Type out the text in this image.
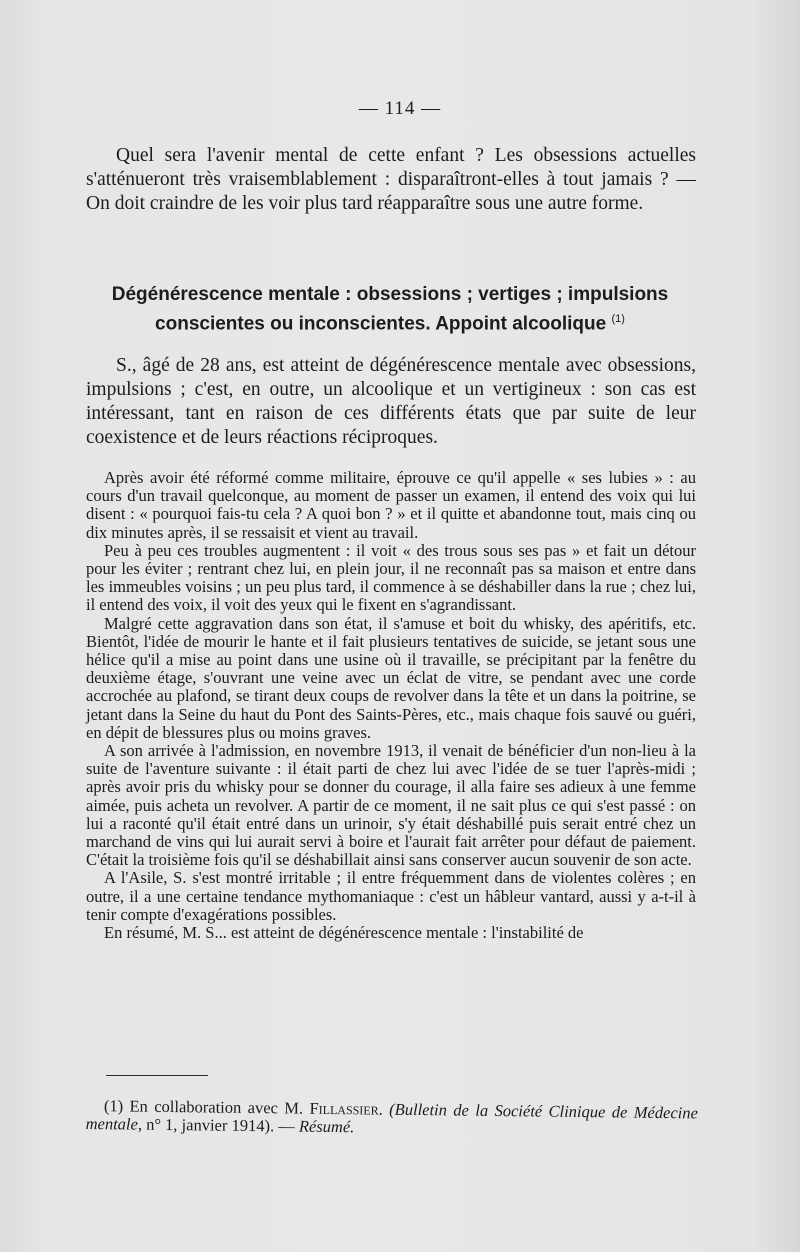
— 114 —

Quel sera l'avenir mental de cette enfant ? Les obsessions actuelles s'atténueront très vraisemblablement : disparaîtront-elles à tout jamais ? — On doit craindre de les voir plus tard réapparaître sous une autre forme.

Dégénérescence mentale : obsessions ; vertiges ; impulsions conscientes ou inconscientes. Appoint alcoolique $^{(1)}$

S., âgé de 28 ans, est atteint de dégénérescence mentale avec obsessions, impulsions ; c'est, en outre, un alcoolique et un vertigineux : son cas est intéressant, tant en raison de ces différents états que par suite de leur coexistence et de leurs réactions réciproques.

Après avoir été réformé comme militaire, éprouve ce qu'il appelle « ses lubies » : au cours d'un travail quelconque, au moment de passer un examen, il entend des voix qui lui disent : « pourquoi fais-tu cela ? A quoi bon ? » et il quitte et abandonne tout, mais cinq ou dix minutes après, il se ressaisit et vient au travail.

Peu à peu ces troubles augmentent : il voit « des trous sous ses pas » et fait un détour pour les éviter ; rentrant chez lui, en plein jour, il ne reconnaît pas sa maison et entre dans les immeubles voisins ; un peu plus tard, il commence à se déshabiller dans la rue ; chez lui, il entend des voix, il voit des yeux qui le fixent en s'agrandissant.

Malgré cette aggravation dans son état, il s'amuse et boit du whisky, des apéritifs, etc. Bientôt, l'idée de mourir le hante et il fait plusieurs tentatives de suicide, se jetant sous une hélice qu'il a mise au point dans une usine où il travaille, se précipitant par la fenêtre du deuxième étage, s'ouvrant une veine avec un éclat de vitre, se pendant avec une corde accrochée au plafond, se tirant deux coups de revolver dans la tête et un dans la poitrine, se jetant dans la Seine du haut du Pont des Saints-Pères, etc., mais chaque fois sauvé ou guéri, en dépit de blessures plus ou moins graves.

A son arrivée à l'admission, en novembre 1913, il venait de bénéficier d'un non-lieu à la suite de l'aventure suivante : il était parti de chez lui avec l'idée de se tuer l'après-midi ; après avoir pris du whisky pour se donner du courage, il alla faire ses adieux à une femme aimée, puis acheta un revolver. A partir de ce moment, il ne sait plus ce qui s'est passé : on lui a raconté qu'il était entré dans un urinoir, s'y était déshabillé puis serait entré chez un marchand de vins qui lui aurait servi à boire et l'aurait fait arrêter pour défaut de paiement. C'était la troisième fois qu'il se déshabillait ainsi sans conserver aucun souvenir de son acte.

A l'Asile, S. s'est montré irritable ; il entre fréquemment dans de violentes colères ; en outre, il a une certaine tendance mythomaniaque : c'est un hâbleur vantard, aussi y a-t-il à tenir compte d'exagérations possibles.

En résumé, M. S... est atteint de dégénérescence mentale : l'instabilité de

(1) En collaboration avec M. Fillassier. (Bulletin de la Société Clinique de Médecine mentale, n° 1, janvier 1914). — Résumé.
